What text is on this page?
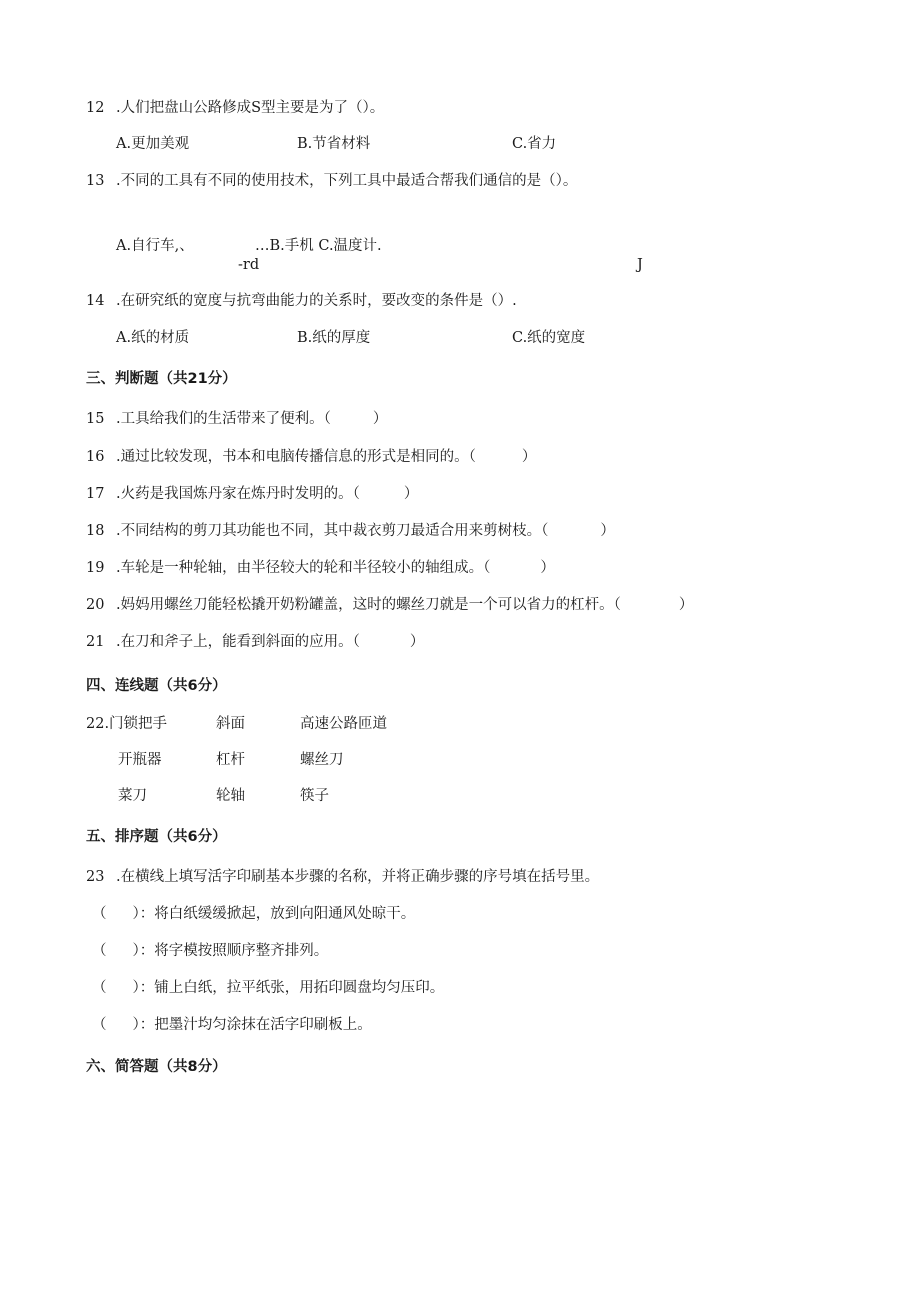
12 .人们把盘山公路修成S型主要是为了（）。
A.更加美观	B.节省材料	C.省力
13 .不同的工具有不同的使用技术，下列工具中最适合帮我们通信的是（）。
A.自行车,、	…B.手机 C.温度计.
-rd	J
14 .在研究纸的宽度与抗弯曲能力的关系时，要改变的条件是（）.
A.纸的材质	B.纸的厚度	C.纸的宽度
三、判断题（共21分）
15 .工具给我们的生活带来了便利。（	）
16 .通过比较发现，书本和电脑传播信息的形式是相同的。（	）
17 .火药是我国炼丹家在炼丹时发明的。（	）
18 .不同结构的剪刀其功能也不同，其中裁衣剪刀最适合用来剪树枝。（	）
19 .车轮是一种轮轴，由半径较大的轮和半径较小的轴组成。（	）
20 .妈妈用螺丝刀能轻松撬开奶粉罐盖，这时的螺丝刀就是一个可以省力的杠杆。（	）
21 .在刀和斧子上，能看到斜面的应用。（	）
四、连线题（共6分）
22.门锁把手	斜面	高速公路匝道
开瓶器	杠杆	螺丝刀
菜刀	轮轴	筷子
五、排序题（共6分）
23 .在横线上填写活字印刷基本步骤的名称，并将正确步骤的序号填在括号里。
（ ）：将白纸缓缓掀起，放到向阳通风处晾干。
（ ）：将字模按照顺序整齐排列。
（ ）：铺上白纸，拉平纸张，用拓印圆盘均匀压印。
（ ）：把墨汁均匀涂抹在活字印刷板上。
六、简答题（共8分）
